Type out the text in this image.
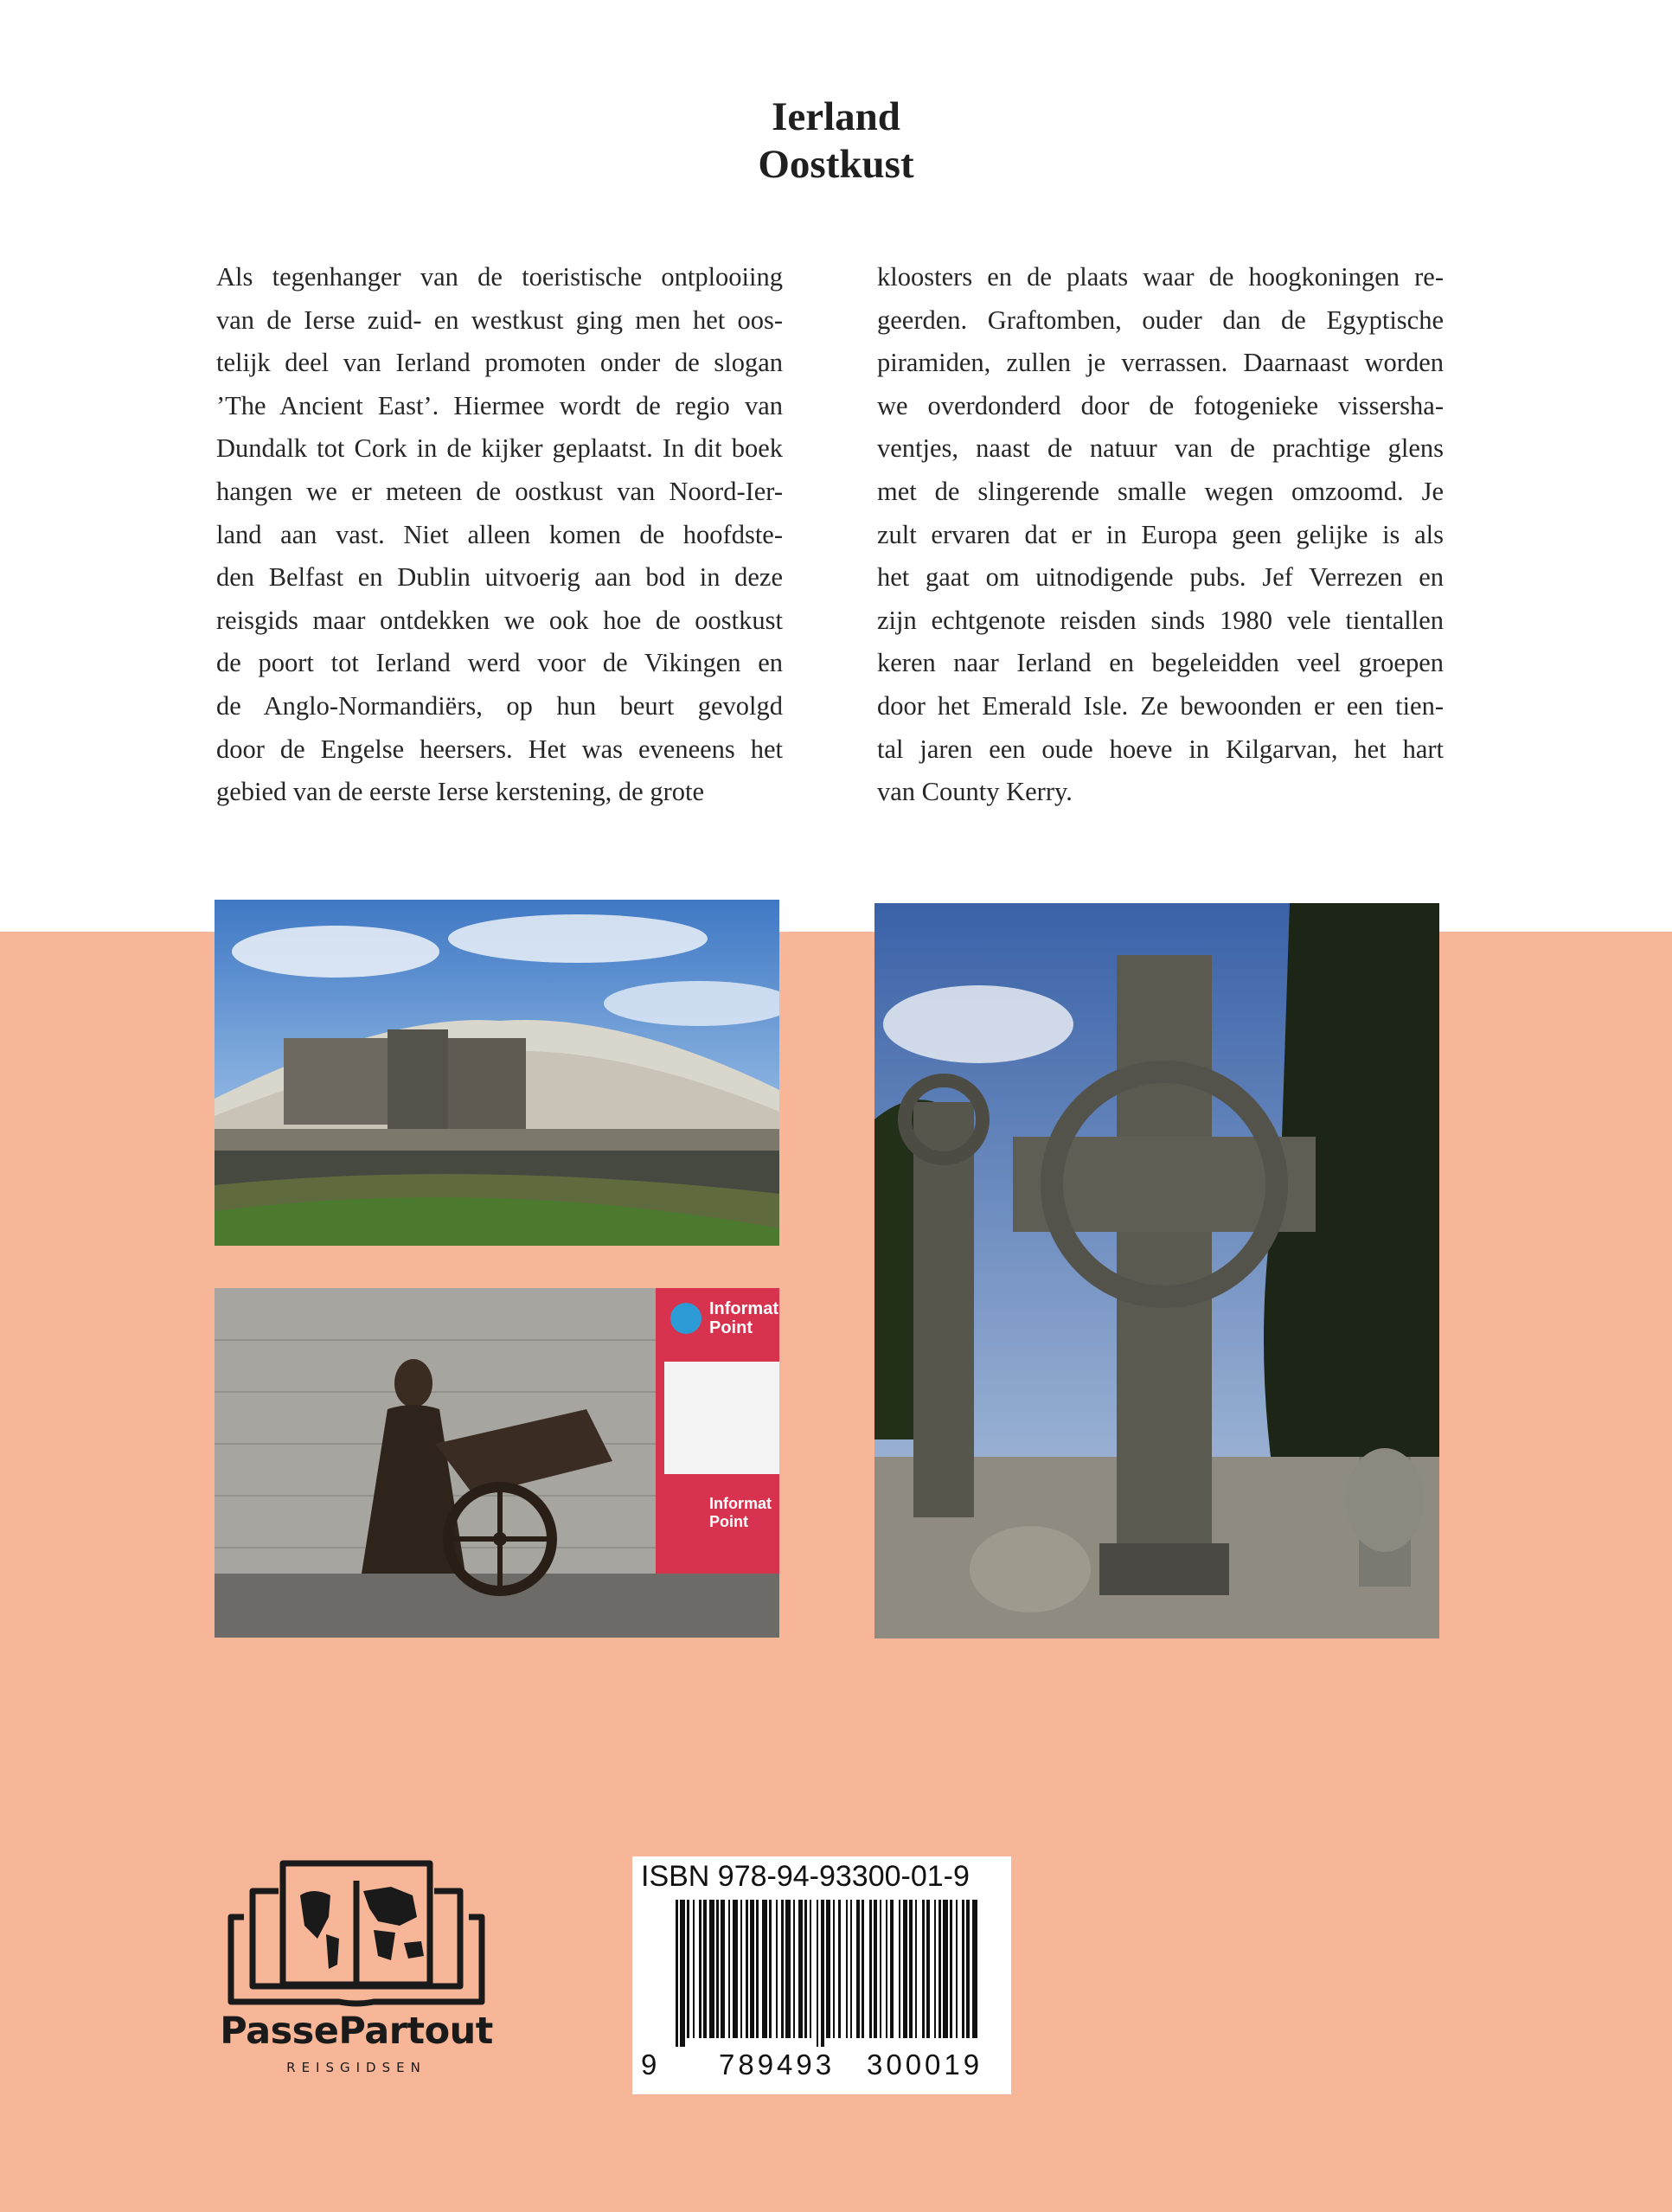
Ierland
Oostkust
Als tegenhanger van de toeristische ontplooiing
van de Ierse zuid- en westkust ging men het oos-
telijk deel van Ierland promoten onder de slogan
’The Ancient East’. Hiermee wordt de regio van
Dundalk tot Cork in de kijker geplaatst. In dit boek
hangen we er meteen de oostkust van Noord-Ier-
land aan vast. Niet alleen komen de hoofdste-
den Belfast en Dublin uitvoerig aan bod in deze
reisgids maar ontdekken we ook hoe de oostkust
de poort tot Ierland werd voor de Vikingen en
de Anglo-Normandiërs, op hun beurt gevolgd
door de Engelse heersers. Het was eveneens het
gebied van de eerste Ierse kerstening, de grote
kloosters en de plaats waar de hoogkoningen re-
geerden. Graftomben, ouder dan de Egyptische
piramiden, zullen je verrassen. Daarnaast worden
we overdonderd door de fotogenieke vissersha-
ventjes, naast de natuur van de prachtige glens
met de slingerende smalle wegen omzoomd. Je
zult ervaren dat er in Europa geen gelijke is als
het gaat om uitnodigende pubs. Jef Verrezen en
zijn echtgenote reisden sinds 1980 vele tientallen
keren naar Ierland en begeleidden veel groepen
door het Emerald Isle. Ze bewoonden er een tien-
tal jaren een oude hoeve in Kilgarvan, het hart
van County Kerry.
Informat
Point
Informat
Point
PassePartout
REISGIDSEN
ISBN 978-94-93300-01-9
9 789493 300019
